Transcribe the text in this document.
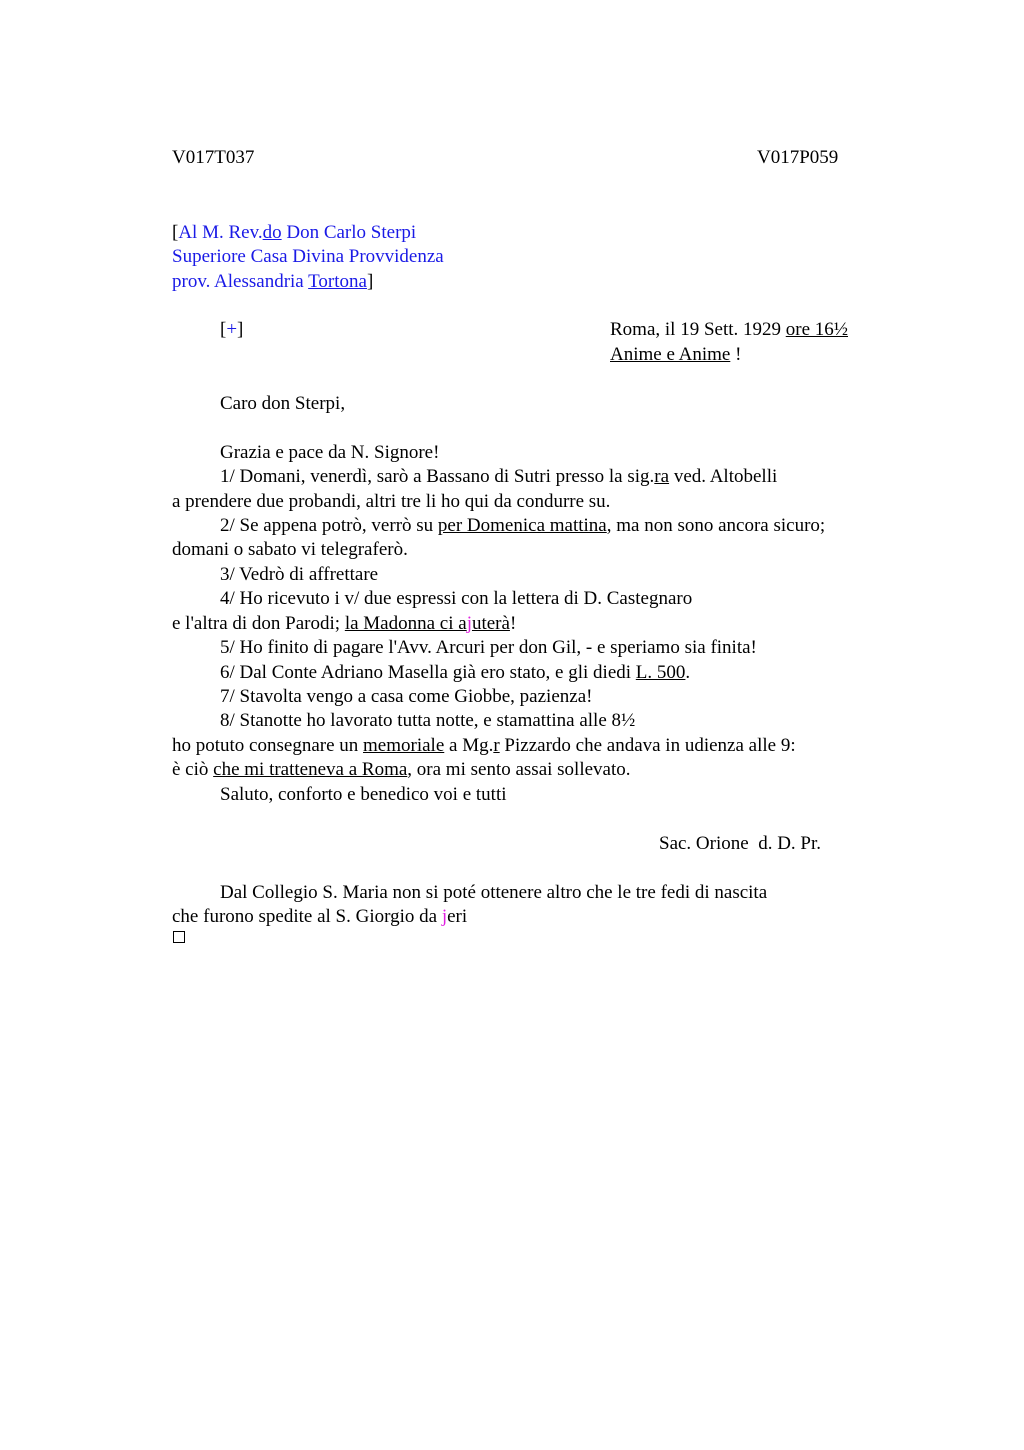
V017T037	V017P059
[Al M. Rev.do Don Carlo Sterpi
Superiore Casa Divina Provvidenza
prov. Alessandria Tortona]
[+]	Roma, il 19 Sett. 1929 ore 16½
Anime e Anime !
Caro don Sterpi,
Grazia e pace da N. Signore!
1/ Domani, venerdì, sarò a Bassano di Sutri presso la sig.ra ved. Altobelli
a prendere due probandi, altri tre li ho qui da condurre su.
2/ Se appena potrò, verrò su per Domenica mattina, ma non sono ancora sicuro;
domani o sabato vi telegraferò.
3/ Vedrò di affrettare
4/ Ho ricevuto i v/ due espressi con la lettera di D. Castegnaro
e l'altra di don Parodi; la Madonna ci ajuterà!
5/ Ho finito di pagare l'Avv. Arcuri per don Gil, - e speriamo sia finita!
6/ Dal Conte Adriano Masella già ero stato, e gli diedi L. 500.
7/ Stavolta vengo a casa come Giobbe, pazienza!
8/ Stanotte ho lavorato tutta notte, e stamattina alle 8½
ho potuto consegnare un memoriale a Mg.r Pizzardo che andava in udienza alle 9:
è ciò che mi tratteneva a Roma, ora mi sento assai sollevato.
Saluto, conforto e benedico voi e tutti
Sac. Orione  d. D. Pr.
Dal Collegio S. Maria non si poté ottenere altro che le tre fedi di nascita
che furono spedite al S. Giorgio da jeri
